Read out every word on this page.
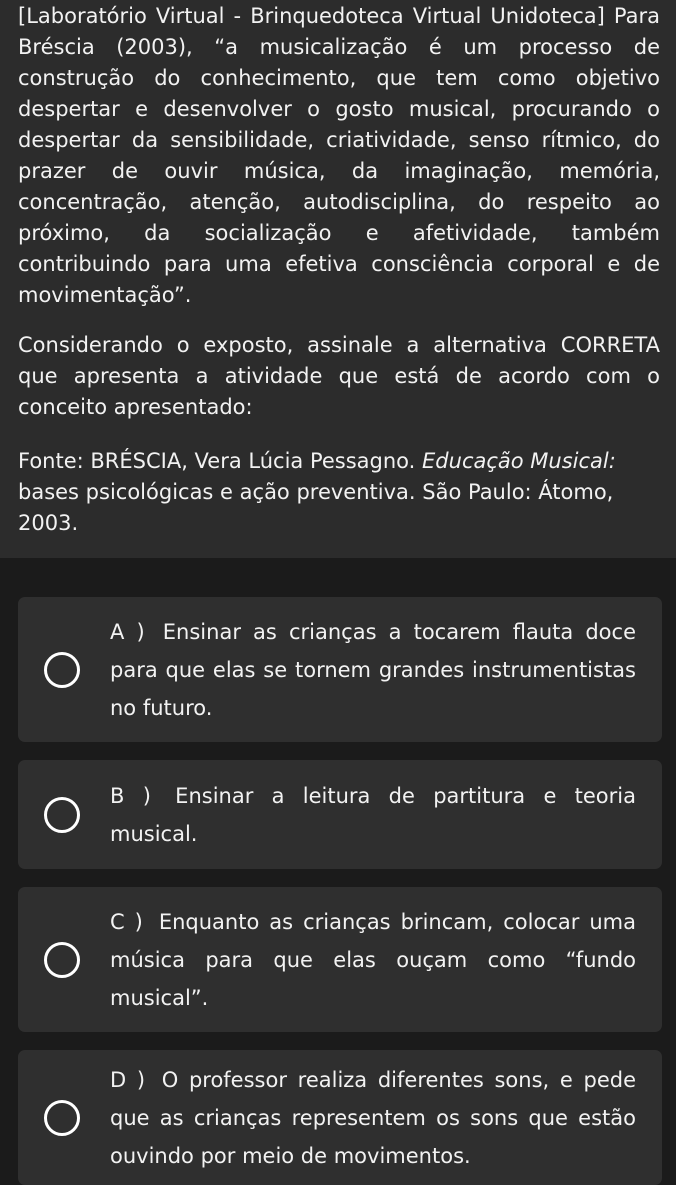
[Laboratório Virtual - Brinquedoteca Virtual Unidoteca] Para Bréscia (2003), “a musicalização é um processo de construção do conhecimento, que tem como objetivo despertar e desenvolver o gosto musical, procurando o despertar da sensibilidade, criatividade, senso rítmico, do prazer de ouvir música, da imaginação, memória, concentração, atenção, autodisciplina, do respeito ao próximo, da socialização e afetividade, também contribuindo para uma efetiva consciência corporal e de movimentação”.

Considerando o exposto, assinale a alternativa CORRETA que apresenta a atividade que está de acordo com o conceito apresentado:

Fonte: BRÉSCIA, Vera Lúcia Pessagno. Educação Musical: bases psicológicas e ação preventiva. São Paulo: Átomo, 2003.

A ) Ensinar as crianças a tocarem flauta doce para que elas se tornem grandes instrumentistas no futuro.
B ) Ensinar a leitura de partitura e teoria musical.
C ) Enquanto as crianças brincam, colocar uma música para que elas ouçam como “fundo musical”.
D ) O professor realiza diferentes sons, e pede que as crianças representem os sons que estão ouvindo por meio de movimentos.
